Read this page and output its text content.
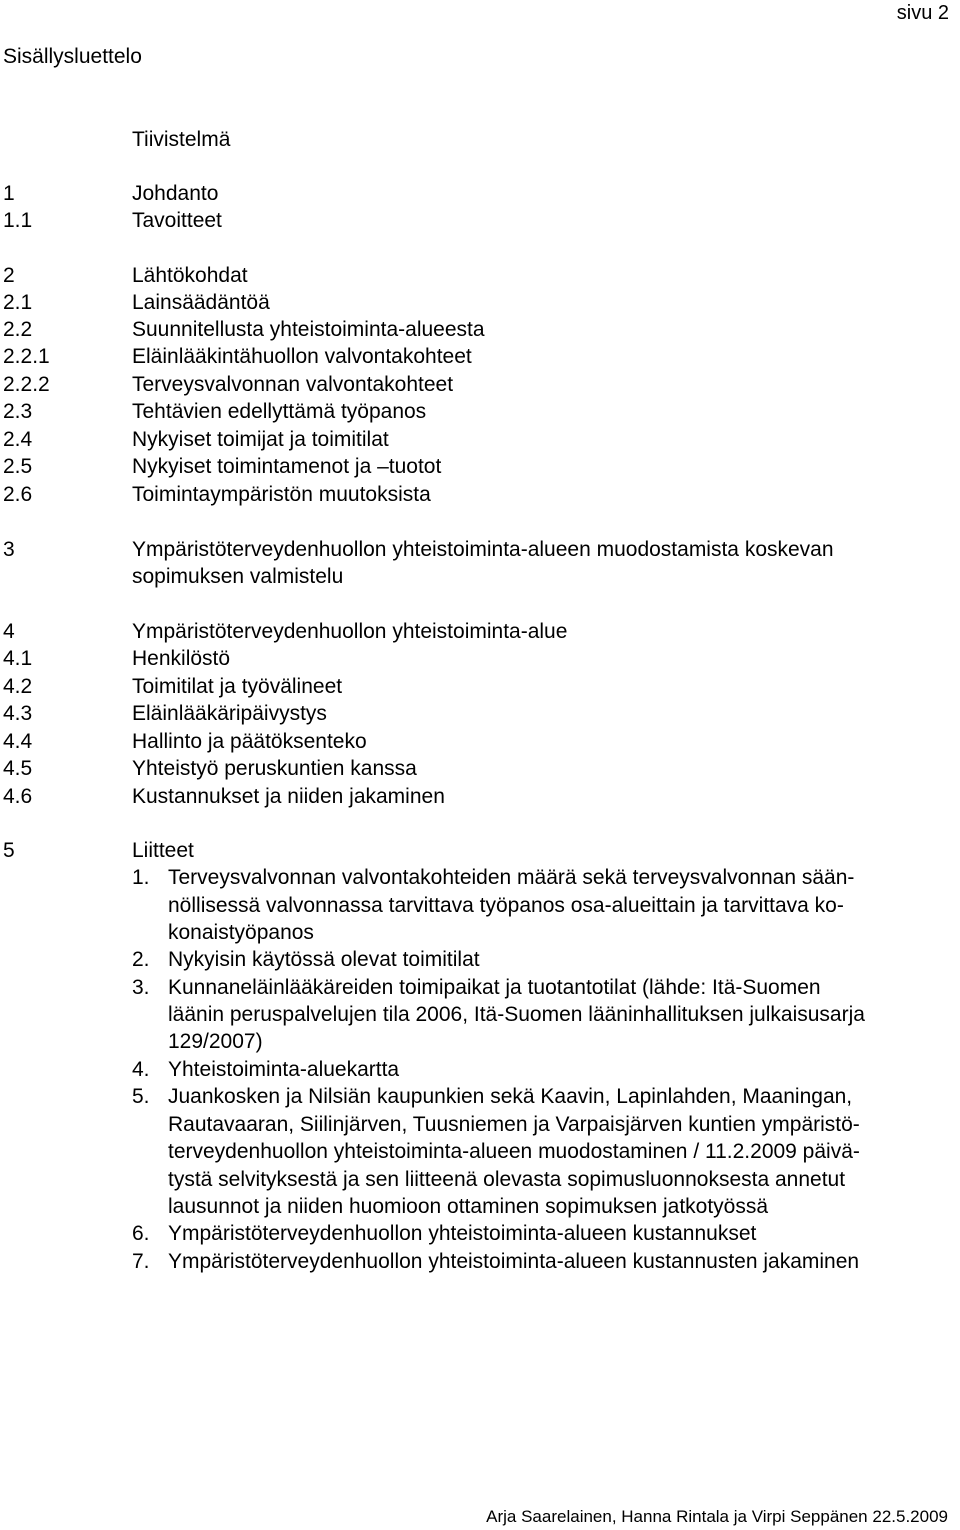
sivu 2
Sisällysluettelo
Tiivistelmä
1	Johdanto
1.1	Tavoitteet
2	Lähtökohdat
2.1	Lainsäädäntöä
2.2	Suunnitellusta yhteistoiminta-alueesta
2.2.1	Eläinlääkintähuollon valvontakohteet
2.2.2	Terveysvalvonnan valvontakohteet
2.3	Tehtävien edellyttämä työpanos
2.4	Nykyiset toimijat ja toimitilat
2.5	Nykyiset toimintamenot ja –tuotot
2.6	Toimintaympäristön muutoksista
3	Ympäristöterveydenhuollon yhteistoiminta-alueen muodostamista koskevan
sopimuksen valmistelu
4	Ympäristöterveydenhuollon yhteistoiminta-alue
4.1	Henkilöstö
4.2	Toimitilat ja työvälineet
4.3	Eläinlääkäripäivystys
4.4	Hallinto ja päätöksenteko
4.5	Yhteistyö peruskuntien kanssa
4.6	Kustannukset ja niiden jakaminen
5	Liitteet
1. Terveysvalvonnan valvontakohteiden määrä sekä terveysvalvonnan sään-
nöllisessä valvonnassa tarvittava työpanos osa-alueittain ja tarvittava ko-
konaistyöpanos
2. Nykyisin käytössä olevat toimitilat
3. Kunnaneläinlääkäreiden toimipaikat ja tuotantotilat (lähde: Itä-Suomen
läänin peruspalvelujen tila 2006, Itä-Suomen lääninhallituksen julkaisusarja
129/2007)
4. Yhteistoiminta-aluekartta
5. Juankosken ja Nilsiän kaupunkien sekä Kaavin, Lapinlahden, Maaningan,
Rautavaaran, Siilinjärven, Tuusniemen ja Varpaisjärven kuntien ympäristö-
terveydenhuollon yhteistoiminta-alueen muodostaminen / 11.2.2009 päivä-
tystä selvityksestä ja sen liitteenä olevasta sopimusluonnoksesta annetut
lausunnot ja niiden huomioon ottaminen sopimuksen jatkotyössä
6. Ympäristöterveydenhuollon yhteistoiminta-alueen kustannukset
7. Ympäristöterveydenhuollon yhteistoiminta-alueen kustannusten jakaminen
Arja Saarelainen, Hanna Rintala ja Virpi Seppänen 22.5.2009
